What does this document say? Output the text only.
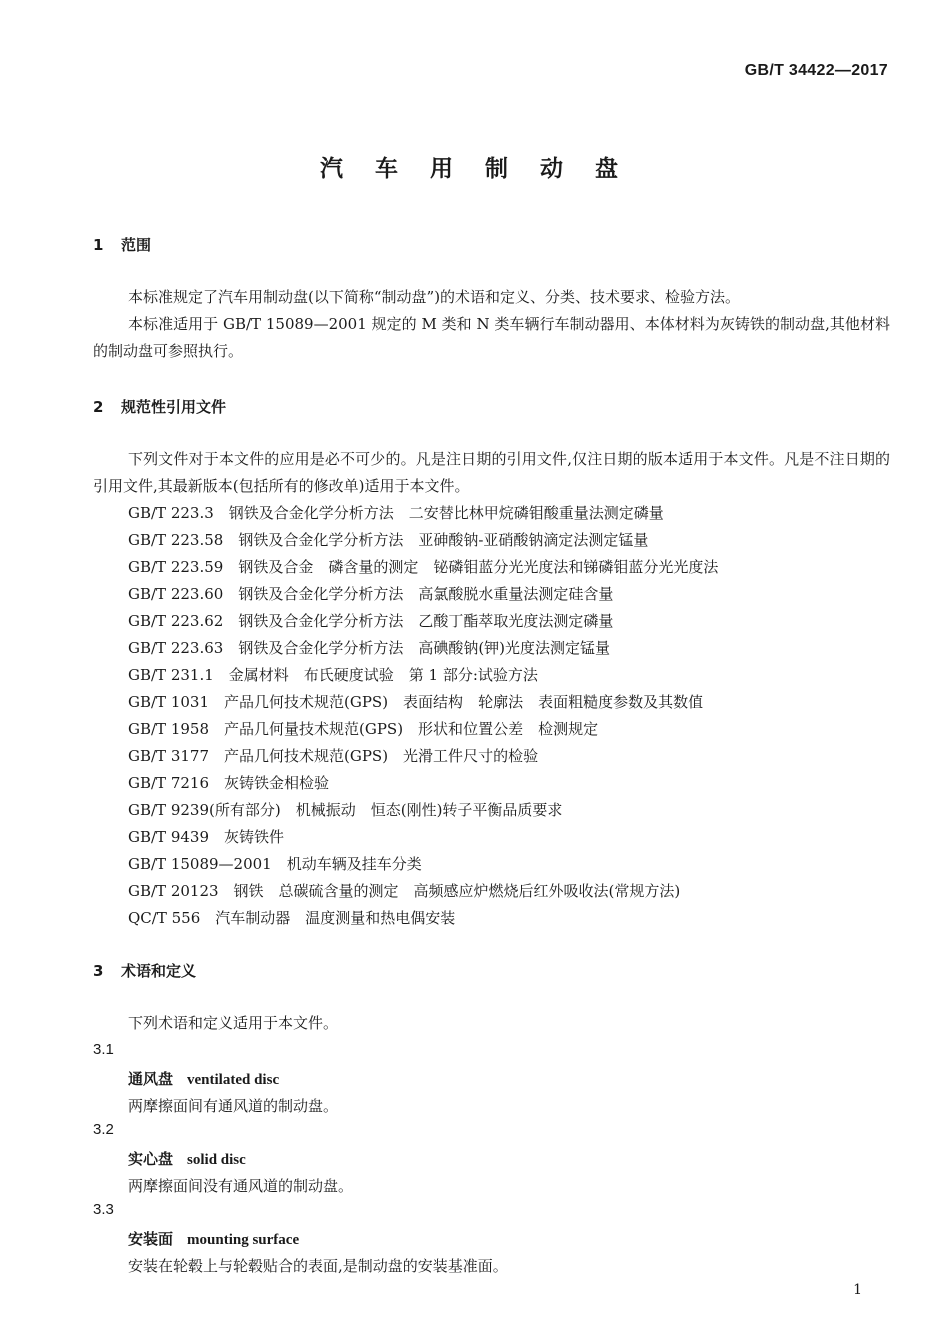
GB/T 34422—2017
汽 车 用 制 动 盘
1 范围
本标准规定了汽车用制动盘(以下简称“制动盘”)的术语和定义、分类、技术要求、检验方法。
本标准适用于 GB/T 15089—2001 规定的 M 类和 N 类车辆行车制动器用、本体材料为灰铸铁的制动盘,其他材料的制动盘可参照执行。
2 规范性引用文件
下列文件对于本文件的应用是必不可少的。凡是注日期的引用文件,仅注日期的版本适用于本文件。凡是不注日期的引用文件,其最新版本(包括所有的修改单)适用于本文件。
GB/T 223.3　钢铁及合金化学分析方法　二安替比林甲烷磷钼酸重量法测定磷量
GB/T 223.58　钢铁及合金化学分析方法　亚砷酸钠-亚硝酸钠滴定法测定锰量
GB/T 223.59　钢铁及合金　磷含量的测定　铋磷钼蓝分光光度法和锑磷钼蓝分光光度法
GB/T 223.60　钢铁及合金化学分析方法　高氯酸脱水重量法测定硅含量
GB/T 223.62　钢铁及合金化学分析方法　乙酸丁酯萃取光度法测定磷量
GB/T 223.63　钢铁及合金化学分析方法　高碘酸钠(钾)光度法测定锰量
GB/T 231.1　金属材料　布氏硬度试验　第 1 部分:试验方法
GB/T 1031　产品几何技术规范(GPS)　表面结构　轮廓法　表面粗糙度参数及其数值
GB/T 1958　产品几何量技术规范(GPS)　形状和位置公差　检测规定
GB/T 3177　产品几何技术规范(GPS)　光滑工件尺寸的检验
GB/T 7216　灰铸铁金相检验
GB/T 9239(所有部分)　机械振动　恒态(刚性)转子平衡品质要求
GB/T 9439　灰铸铁件
GB/T 15089—2001　机动车辆及挂车分类
GB/T 20123　钢铁　总碳硫含量的测定　高频感应炉燃烧后红外吸收法(常规方法)
QC/T 556　汽车制动器　温度测量和热电偶安装
3 术语和定义
下列术语和定义适用于本文件。
3.1
通风盘 ventilated disc
两摩擦面间有通风道的制动盘。
3.2
实心盘 solid disc
两摩擦面间没有通风道的制动盘。
3.3
安装面 mounting surface
安装在轮毂上与轮毂贴合的表面,是制动盘的安装基准面。
1
